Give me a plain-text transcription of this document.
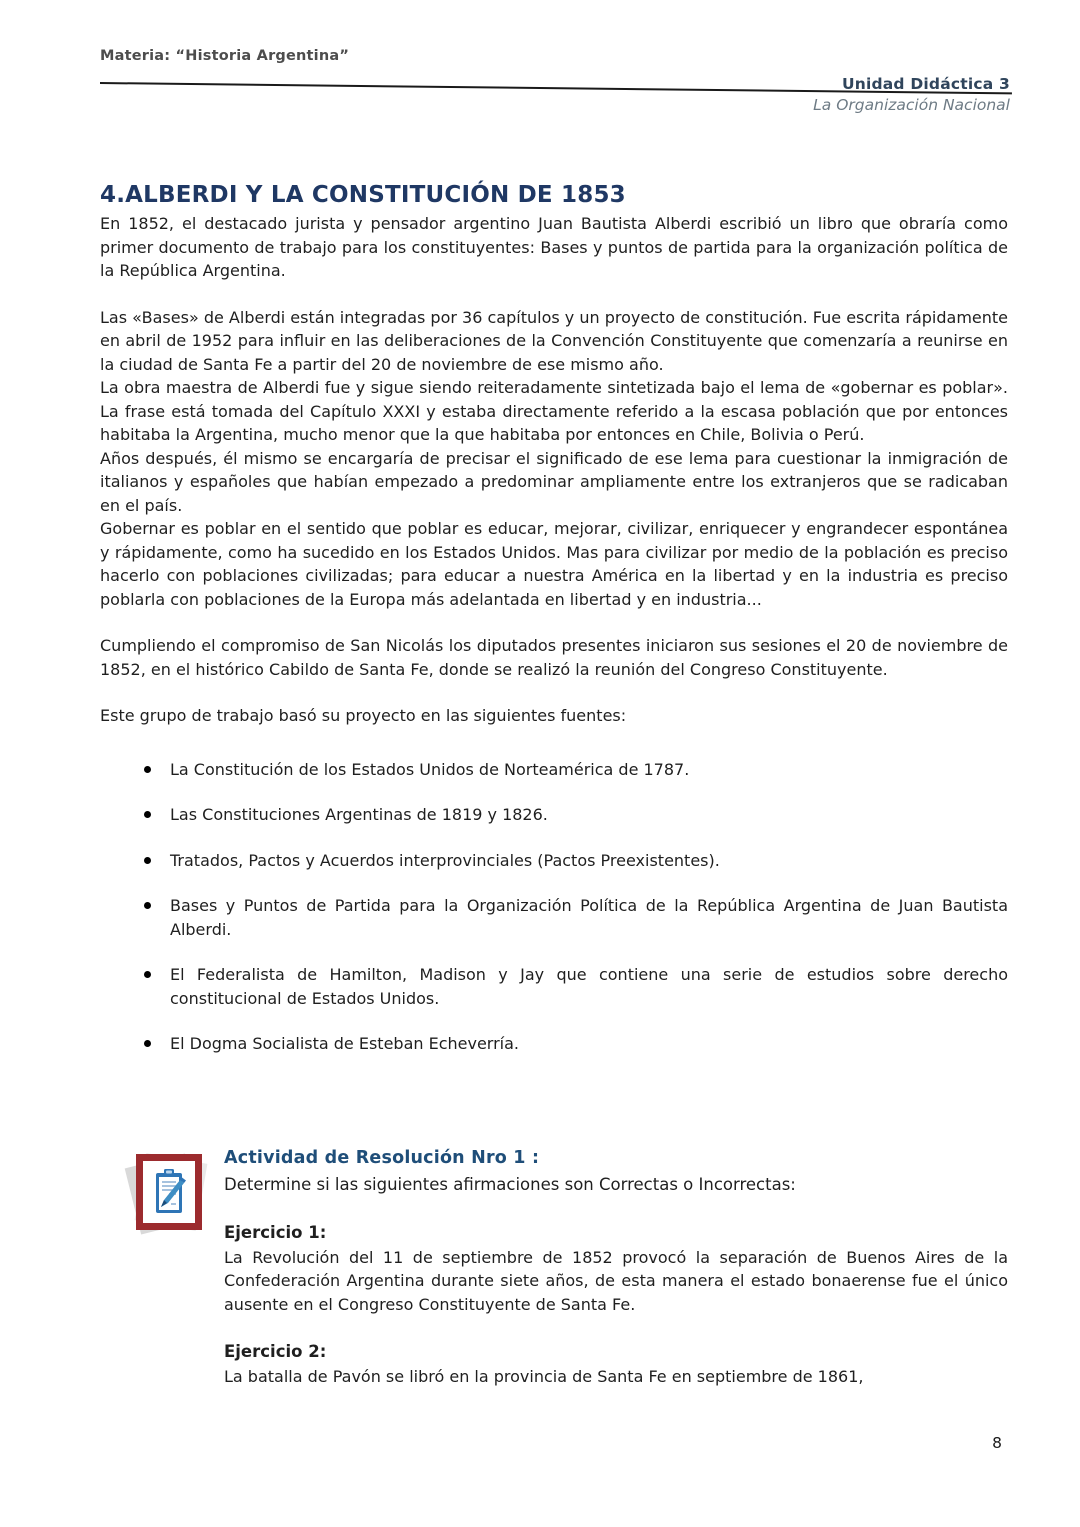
Materia: “Historia Argentina”
Unidad Didáctica 3
La Organización Nacional
4.ALBERDI Y LA CONSTITUCIÓN DE 1853

En 1852, el destacado jurista y pensador argentino Juan Bautista Alberdi escribió un libro que obraría como primer documento de trabajo para los constituyentes: Bases y puntos de partida para la organización política de la República Argentina.

Las «Bases» de Alberdi están integradas por 36 capítulos y un proyecto de constitución. Fue escrita rápidamente en abril de 1952 para influir en las deliberaciones de la Convención Constituyente que comenzaría a reunirse en la ciudad de Santa Fe a partir del 20 de noviembre de ese mismo año.

La obra maestra de Alberdi fue y sigue siendo reiteradamente sintetizada bajo el lema de «gobernar es poblar». La frase está tomada del Capítulo XXXI y estaba directamente referido a la escasa población que por entonces habitaba la Argentina, mucho menor que la que habitaba por entonces en Chile, Bolivia o Perú.

Años después, él mismo se encargaría de precisar el significado de ese lema para cuestionar la inmigración de italianos y españoles que habían empezado a predominar ampliamente entre los extranjeros que se radicaban en el país.

Gobernar es poblar en el sentido que poblar es educar, mejorar, civilizar, enriquecer y engrandecer espontánea y rápidamente, como ha sucedido en los Estados Unidos. Mas para civilizar por medio de la población es preciso hacerlo con poblaciones civilizadas; para educar a nuestra América en la libertad y en la industria es preciso poblarla con poblaciones de la Europa más adelantada en libertad y en industria...

Cumpliendo el compromiso de San Nicolás los diputados presentes iniciaron sus sesiones el 20 de noviembre de 1852, en el histórico Cabildo de Santa Fe, donde se realizó la reunión del Congreso Constituyente.

Este grupo de trabajo basó su proyecto en las siguientes fuentes:

La Constitución de los Estados Unidos de Norteamérica de 1787.
Las Constituciones Argentinas de 1819 y 1826.
Tratados, Pactos y Acuerdos interprovinciales (Pactos Preexistentes).
Bases y Puntos de Partida para la Organización Política de la República Argentina de Juan Bautista Alberdi.
El Federalista de Hamilton, Madison y Jay que contiene una serie de estudios sobre derecho constitucional de Estados Unidos.
El Dogma Socialista de Esteban Echeverría.
Actividad de Resolución Nro 1 :
Determine si las siguientes afirmaciones son Correctas o Incorrectas:
Ejercicio 1:

La Revolución del 11 de septiembre de 1852 provocó la separación de Buenos Aires de la Confederación Argentina durante siete años, de esta manera el estado bonaerense fue el único ausente en el Congreso Constituyente de Santa Fe.

Ejercicio 2:

La batalla de Pavón se libró en la provincia de Santa Fe en septiembre de 1861,

8
